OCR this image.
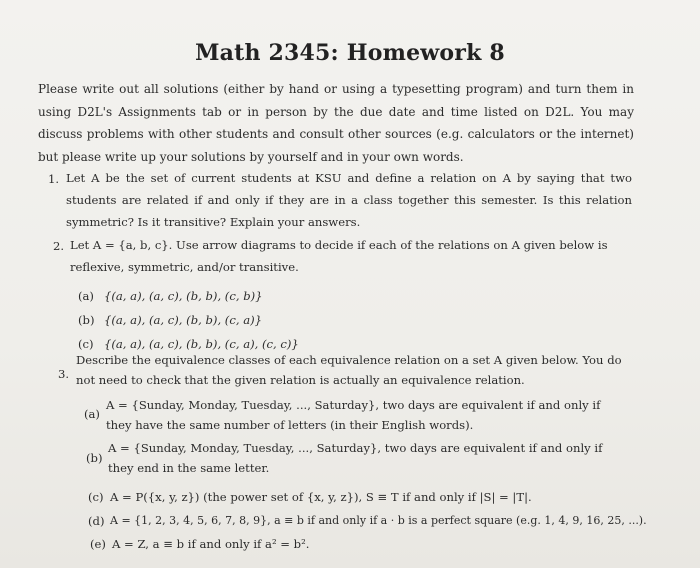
Math 2345: Homework 8
Please write out all solutions (either by hand or using a typesetting program) and turn them in using D2L's Assignments tab or in person by the due date and time listed on D2L. You may discuss problems with other students and consult other sources (e.g. calculators or the internet) but please write up your solutions by yourself and in your own words.
1. Let A be the set of current students at KSU and define a relation on A by saying that two students are related if and only if they are in a class together this semester. Is this relation symmetric? Is it transitive? Explain your answers.
2. Let A = {a, b, c}. Use arrow diagrams to decide if each of the relations on A given below is reflexive, symmetric, and/or transitive.
(a) {(a, a), (a, c), (b, b), (c, b)}
(b) {(a, a), (a, c), (b, b), (c, a)}
(c) {(a, a), (a, c), (b, b), (c, a), (c, c)}
3.
Describe the equivalence classes of each equivalence relation on a set A given below. You do not need to check that the given relation is actually an equivalence relation.
(a)
A = {Sunday, Monday, Tuesday, ..., Saturday}, two days are equivalent if and only if they have the same number of letters (in their English words).
(b)
A = {Sunday, Monday, Tuesday, ..., Saturday}, two days are equivalent if and only if they end in the same letter.
(c) A = P({x, y, z}) (the power set of {x, y, z}), S ≡ T if and only if |S| = |T|.
(d) A = {1, 2, 3, 4, 5, 6, 7, 8, 9}, a ≡ b if and only if a · b is a perfect square (e.g. 1, 4, 9, 16, 25, ...).
(e) A = Z, a ≡ b if and only if a² = b².
